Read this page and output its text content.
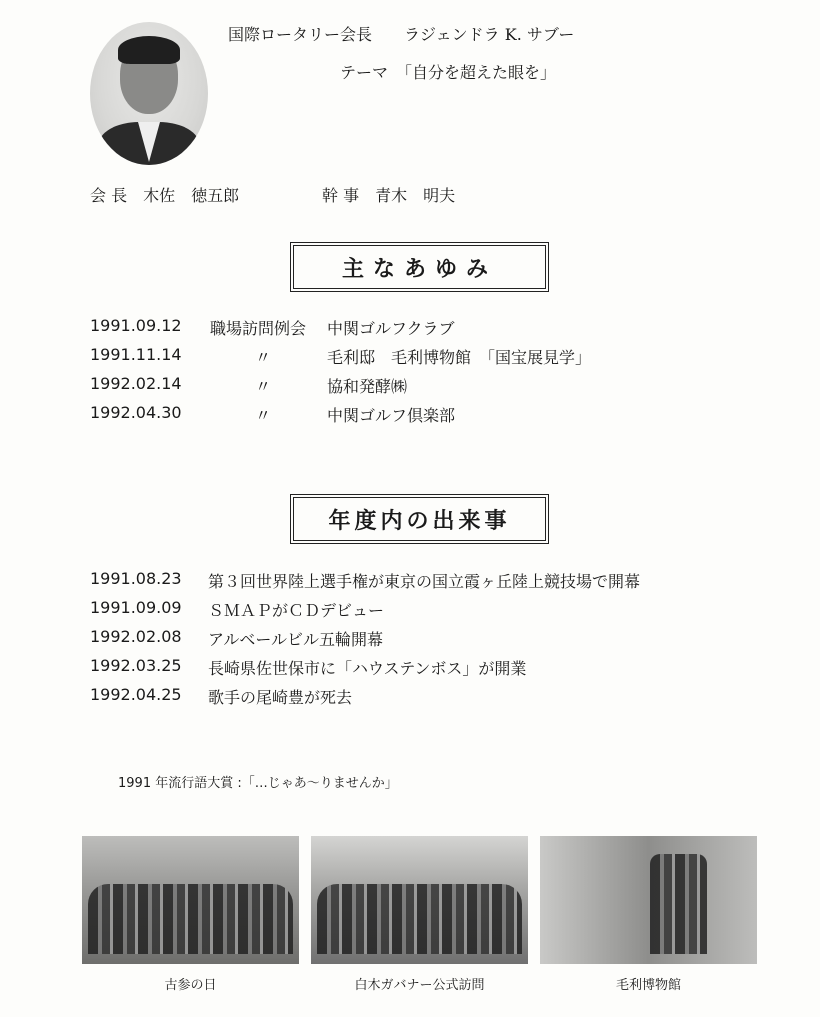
国際ロータリー会長　　ラジェンドラ K. サブー
テーマ　「自分を超えた眼を」
会 長　木佐　徳五郎	幹 事　青木　明夫
主なあゆみ
1991.09.12 職場訪問例会 中関ゴルフクラブ
1991.11.14	〃	毛利邸　毛利博物館　「国宝展見学」
1992.02.14	〃	協和発酵㈱
1992.04.30	〃	中関ゴルフ倶楽部
年度内の出来事
1991.08.23 第３回世界陸上選手権が東京の国立霞ヶ丘陸上競技場で開幕
1991.09.09 ＳＭＡＰがＣＤデビュー
1992.02.08 アルベールビル五輪開幕
1992.03.25 長崎県佐世保市に「ハウステンボス」が開業
1992.04.25 歌手の尾崎豊が死去
1991 年流行語大賞 :「…じゃあ～りませんか」
古参の日	白木ガバナー公式訪問	毛利博物館
